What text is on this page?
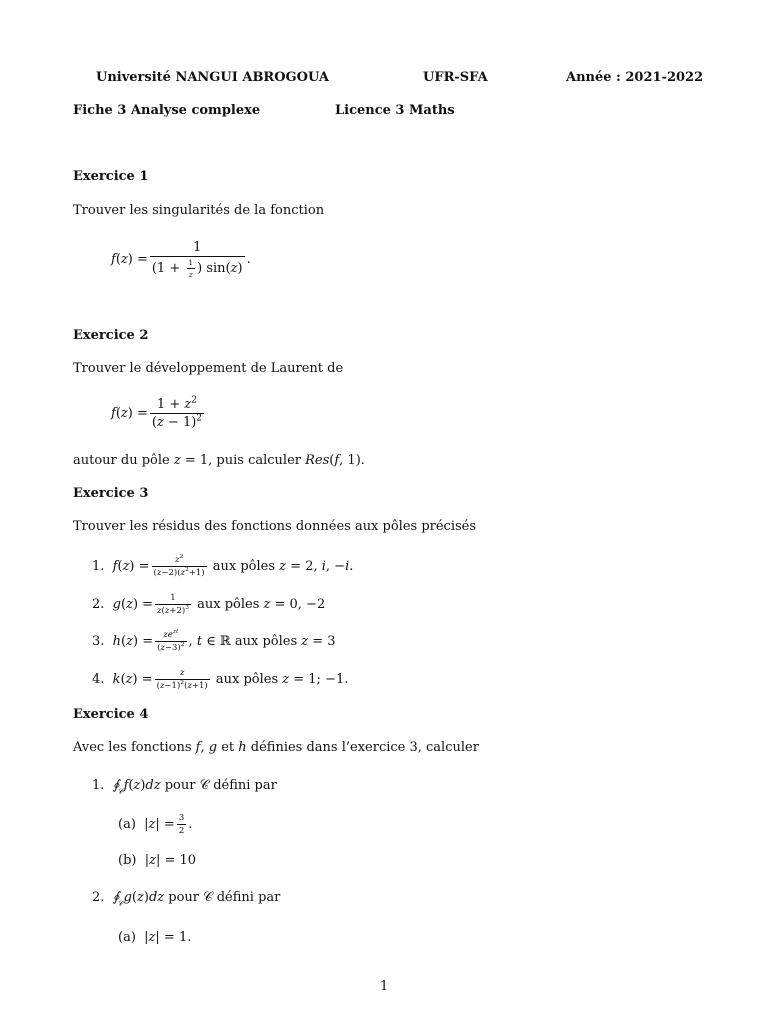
Université NANGUI ABROGOUA	UFR-SFA	Année : 2021-2022
Fiche 3 Analyse complexe	Licence 3 Maths
Exercice 1
Trouver les singularités de la fonction
$f(z) = \frac{1}{(1 + \frac{1}{z} ) \sin(z)}$ .
Exercice 2
Trouver le développement de Laurent de
$f(z) = \frac{1 + z^2}{(z - 1)^2}$
autour du pôle z = 1, puis calculer Res(f, 1).
Exercice 3
Trouver les résidus des fonctions données aux pôles précisés
1.  $f(z) = \frac{z^2}{(z-2)(z^2+1)}$ aux pôles z = 2, i, −i.
2.  $g(z) = \frac{1}{z(z+2)^3}$ aux pôles z = 0, −2
3.  $h(z) = \frac{ze^{zt}}{(z-3)^2}$ , t ∈ ℝ aux pôles z = 3
4.  $k(z) = \frac{z}{(z-1)^2(z+1)}$ aux pôles z = 1; −1.
Exercice 4
Avec les fonctions f, g et h définies dans l’exercice 3, calculer
1.  ∮
𝒞 f(z)dz pour 𝒞 défini par
(a)  $|z| = \frac{3}{2}$ .
(b)  |z| = 10
2.  ∮
𝒞 g(z)dz pour 𝒞 défini par
(a)  |z| = 1.
1
